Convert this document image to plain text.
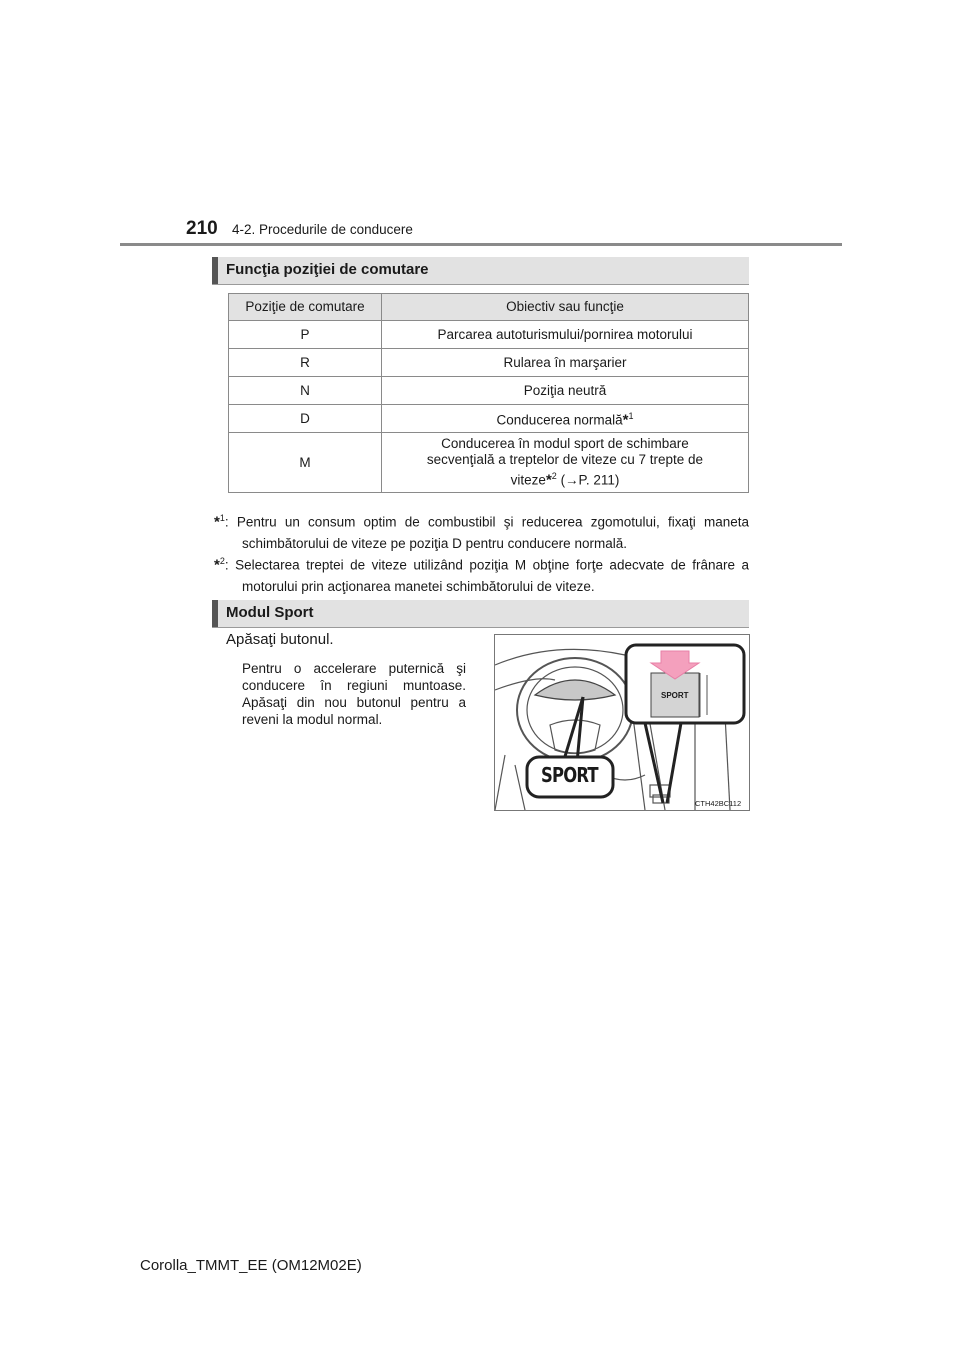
210 4-2. Procedurile de conducere
Funcţia poziţiei de comutare
Poziţie de comutare	Obiectiv sau funcţie
P	Parcarea autoturismului/pornirea motorului
R	Rularea în marşarier
N	Poziţia neutră
D	Conducerea normală*$^1$
M	Conducerea în modul sport de schimbare
secvenţială a treptelor de viteze cu 7 trepte de
viteze*$^2$ (→P. 211)
*$^1$: Pentru un consum optim de combustibil şi reducerea zgomotului, fixaţi maneta schimbătorului de viteze pe poziţia D pentru conducere normală.
*$^2$: Selectarea treptei de viteze utilizând poziţia M obţine forţe adecvate de frânare a motorului prin acţionarea manetei schimbătorului de viteze.
Modul Sport
Apăsaţi butonul.
Pentru o accelerare puternică şi conducere în regiuni muntoase. Apăsaţi din nou butonul pentru a reveni la modul normal.
SPORT
SPORT
CTH42BC112
Corolla_TMMT_EE (OM12M02E)
